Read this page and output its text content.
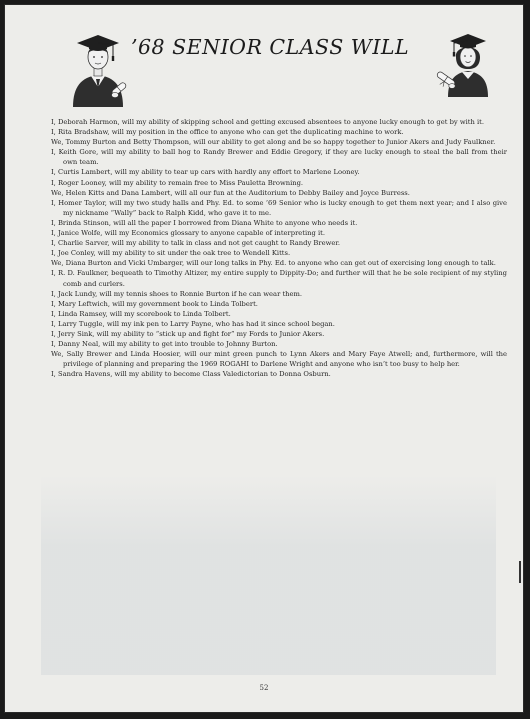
’68 SENIOR CLASS WILL
I, Deborah Harmon, will my ability of skipping school and getting excused absentees to anyone lucky enough to get by with it.
I, Rita Bradshaw, will my position in the office to anyone who can get the duplicating machine to work.
We, Tommy Burton and Betty Thompson, will our ability to get along and be so happy together to Junior Akers and Judy Faulkner.
I, Keith Gore, will my ability to ball hog to Randy Brewer and Eddie Gregory, if they are lucky enough to steal the ball from their own team.
I, Curtis Lambert, will my ability to tear up cars with hardly any effort to Marlene Looney.
I, Roger Looney, will my ability to remain free to Miss Pauletta Browning.
We, Helen Kitts and Dana Lambert, will all our fun at the Auditorium to Debby Bailey and Joyce Burress.
I, Homer Taylor, will my two study halls and Phy. Ed. to some ’69 Senior who is lucky enough to get them next year; and I also give my nickname “Wally” back to Ralph Kidd, who gave it to me.
I, Brinda Stinson, will all the paper I borrowed from Diana White to anyone who needs it.
I, Janice Wolfe, will my Economics glossary to anyone capable of interpreting it.
I, Charlie Sarver, will my ability to talk in class and not get caught to Randy Brewer.
I, Joe Conley, will my ability to sit under the oak tree to Wendell Kitts.
We, Diana Burton and Vicki Umbarger, will our long talks in Phy. Ed. to anyone who can get out of exercising long enough to talk.
I, R. D. Faulkner, bequeath to Timothy Altizer, my entire supply to Dippity-Do; and further will that he be sole recipient of my styling comb and curlers.
I, Jack Lundy, will my tennis shoes to Ronnie Burton if he can wear them.
I, Mary Leftwich, will my government book to Linda Tolbert.
I, Linda Ramsey, will my scorebook to Linda Tolbert.
I, Larry Tuggle, will my ink pen to Larry Payne, who has had it since school began.
I, Jerry Sink, will my ability to “stick up and fight for” my Fords to Junior Akers.
I, Danny Neal, will my ability to get into trouble to Johnny Burton.
We, Sally Brewer and Linda Hoosier, will our mint green punch to Lynn Akers and Mary Faye Atwell; and, furthermore, will the privilege of planning and preparing the 1969 ROGAHI to Darlene Wright and anyone who isn’t too busy to help her.
I, Sandra Havens, will my ability to become Class Valedictorian to Donna Osburn.
52
